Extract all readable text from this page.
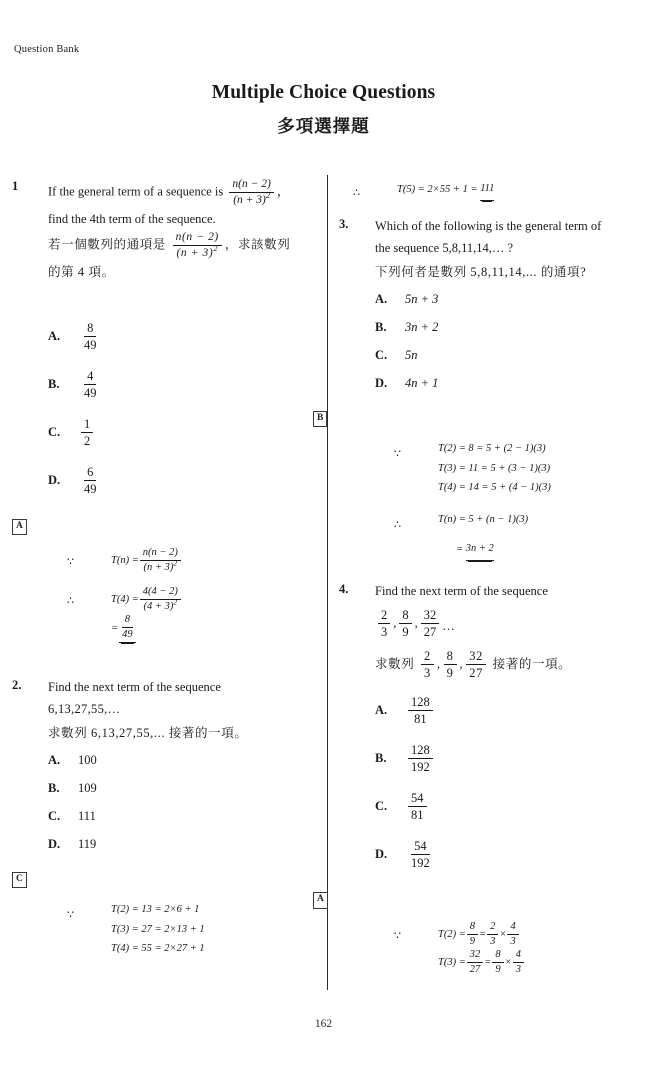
Question Bank
Multiple Choice Questions
多項選擇題
1	If the general term of a sequence is $\frac{n(n - 2)}{(n + 3)^2}$ ，
find the 4th term of the sequence.
若一個數列的通項是 $\frac{n(n - 2)}{(n + 3)^2}$ ，求該數列
的第 4 項。
A.	$\frac{8}{49}$
B.	$\frac{4}{49}$
C.	$\frac{1}{2}$
D.	$\frac{6}{49}$
A
∵	$T(n) = \frac{n(n - 2)}{(n + 3)^2}$
∴	$T(4) = \frac{4(4 - 2)}{(4 + 3)^2}$
= $\frac{8}{49}$
2.	Find the next term of the sequence
6,13,27,55,…
求數列 6,13,27,55,... 接著的一項。
A.	100
B.	109
C.	111
D.	119
C
∵	T(2) = 13 = 2×6 + 1
T(3) = 27 = 2×13 + 1
T(4) = 55 = 2×27 + 1
∴	T(5) = 2×55 + 1 =
111
3.	Which of the following is the general term of
the sequence 5,8,11,14,… ?
下列何者是數列 5,8,11,14,... 的通項?
A.	5n + 3
B.	3n + 2
C.	5n
D.	4n + 1
B
∵	T(2) = 8 = 5 + (2 − 1)(3)
T(3) = 11 = 5 + (3 − 1)(3)
T(4) = 14 = 5 + (4 − 1)(3)
∴	T(n) = 5 + (n − 1)(3)
=
3n + 2
4.	Find the next term of the sequence
$\frac{2}{3}$ , $\frac{8}{9}$ , $\frac{32}{27}$ …
求數列
$\frac{2}{3}$ , $\frac{8}{9}$ , $\frac{32}{27}$
接著的一項。
A.	$\frac{128}{81}$
B.	$\frac{128}{192}$
C.	$\frac{54}{81}$
D.	$\frac{54}{192}$
A
∵	$T(2) = \frac{8}{9} = \frac{2}{3} \times \frac{4}{3}$
$T(3) = \frac{32}{27} = \frac{8}{9} \times \frac{4}{3}$
162
